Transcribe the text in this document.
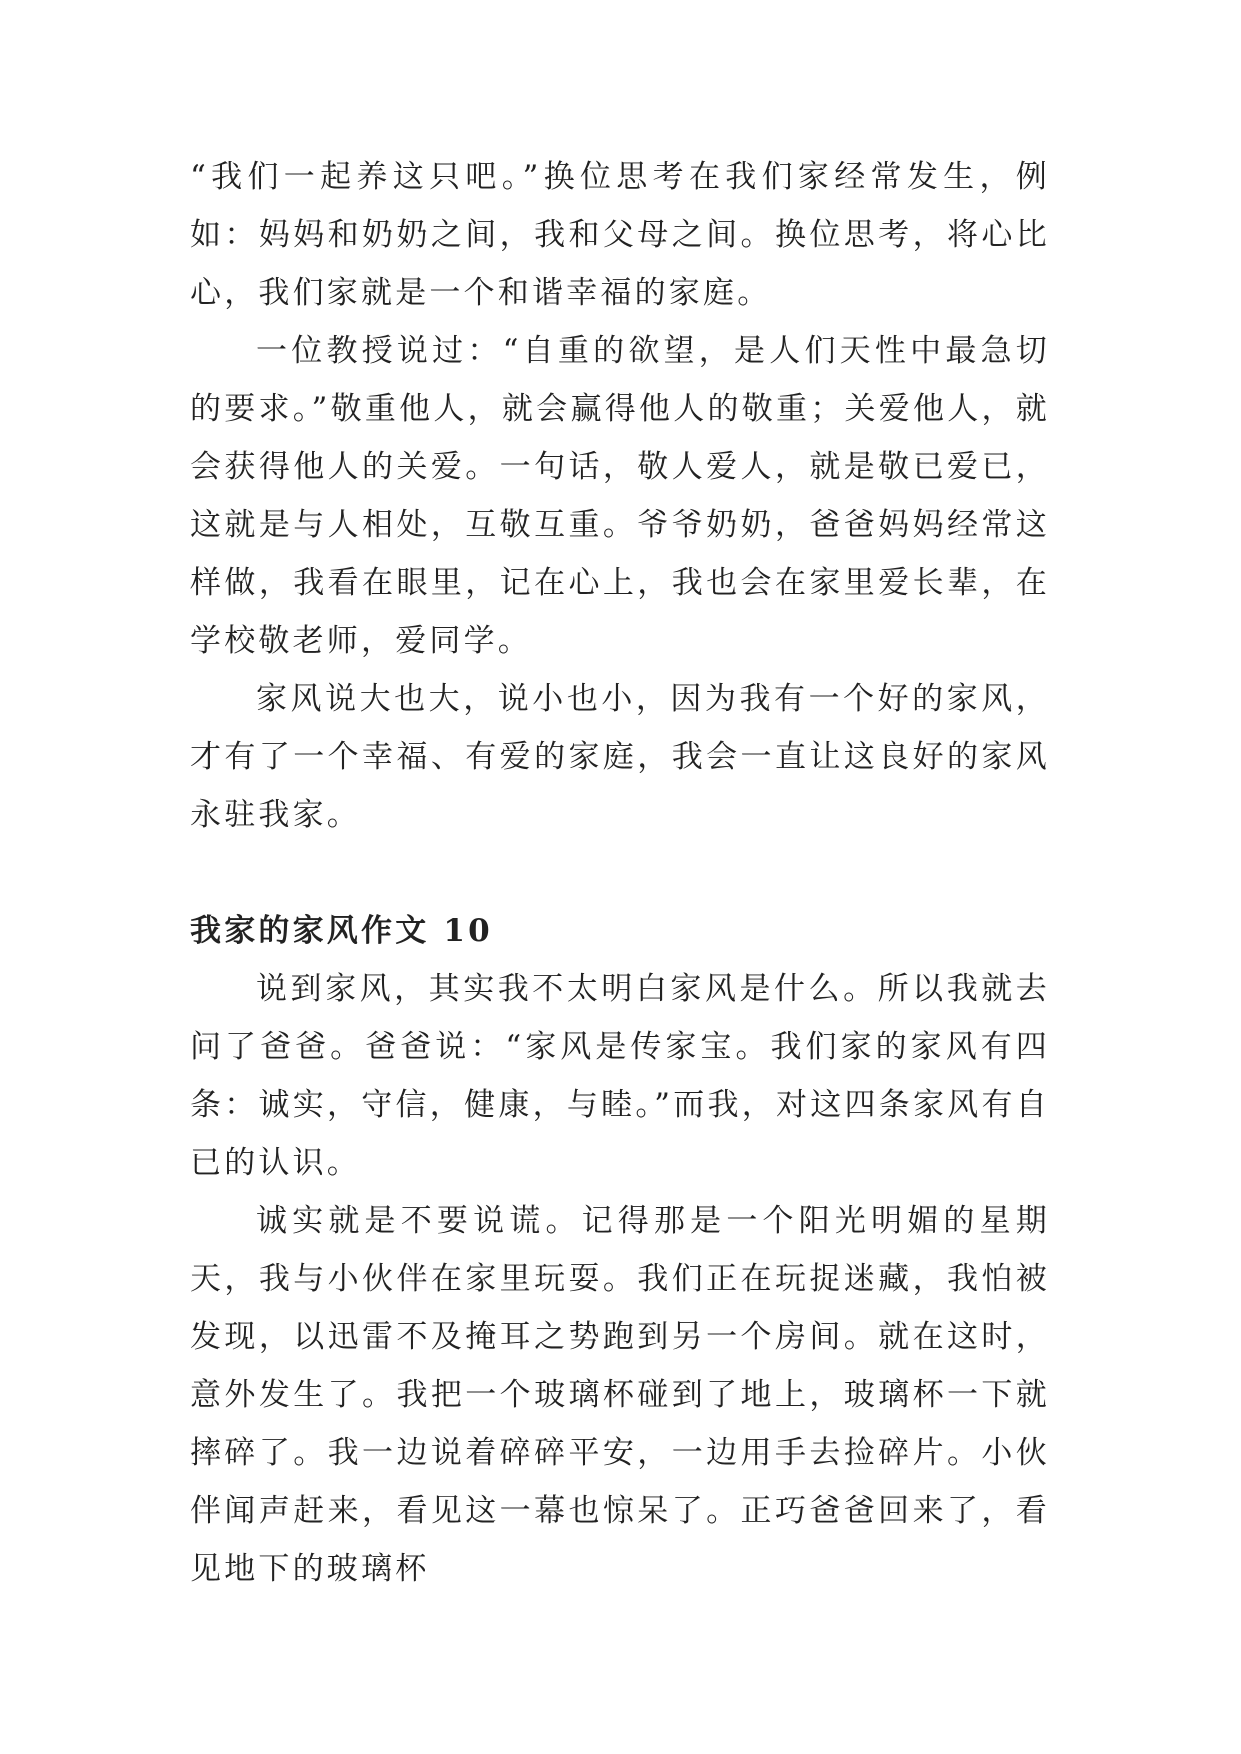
“我们一起养这只吧。”换位思考在我们家经常发生，例如：妈妈和奶奶之间，我和父母之间。换位思考，将心比心，我们家就是一个和谐幸福的家庭。

一位教授说过：“自重的欲望，是人们天性中最急切的要求。”敬重他人，就会赢得他人的敬重；关爱他人，就会获得他人的关爱。一句话，敬人爱人，就是敬已爱已，这就是与人相处，互敬互重。爷爷奶奶，爸爸妈妈经常这样做，我看在眼里，记在心上，我也会在家里爱长辈，在学校敬老师，爱同学。

家风说大也大，说小也小，因为我有一个好的家风，才有了一个幸福、有爱的家庭，我会一直让这良好的家风永驻我家。

我家的家风作文 10

说到家风，其实我不太明白家风是什么。所以我就去问了爸爸。爸爸说：“家风是传家宝。我们家的家风有四条：诚实，守信，健康，与睦。”而我，对这四条家风有自已的认识。

诚实就是不要说谎。记得那是一个阳光明媚的星期天，我与小伙伴在家里玩耍。我们正在玩捉迷藏，我怕被发现，以迅雷不及掩耳之势跑到另一个房间。就在这时，意外发生了。我把一个玻璃杯碰到了地上，玻璃杯一下就摔碎了。我一边说着碎碎平安，一边用手去捡碎片。小伙伴闻声赶来，看见这一幕也惊呆了。正巧爸爸回来了，看见地下的玻璃杯
